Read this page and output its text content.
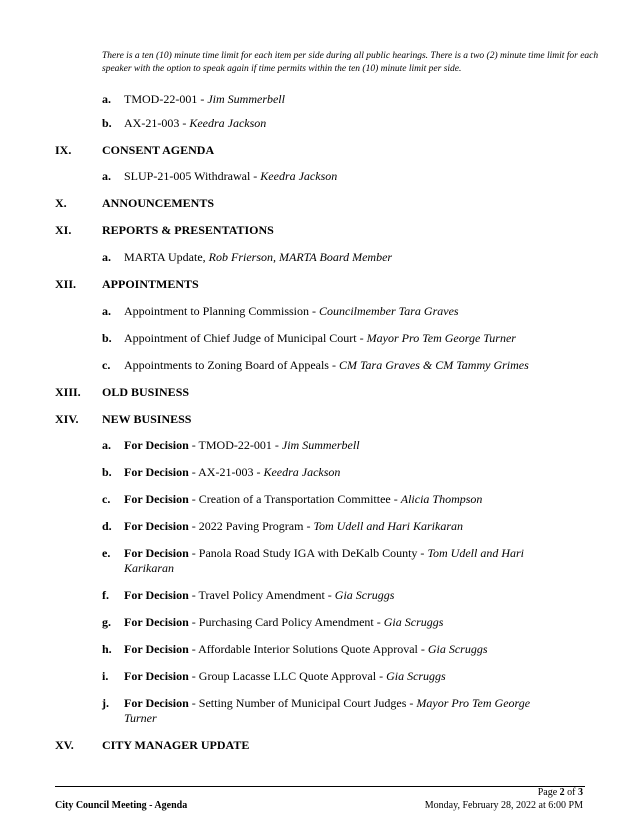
There is a ten (10) minute time limit for each item per side during all public hearings. There is a two (2) minute time limit for each speaker with the option to speak again if time permits within the ten (10) minute limit per side.
a. TMOD-22-001 - Jim Summerbell
b. AX-21-003 - Keedra Jackson
IX.	CONSENT AGENDA
a. SLUP-21-005 Withdrawal - Keedra Jackson
X.	ANNOUNCEMENTS
XI.	REPORTS & PRESENTATIONS
a. MARTA Update, Rob Frierson, MARTA Board Member
XII. APPOINTMENTS
a. Appointment to Planning Commission - Councilmember Tara Graves
b. Appointment of Chief Judge of Municipal Court - Mayor Pro Tem George Turner
c. Appointments to Zoning Board of Appeals - CM Tara Graves & CM Tammy Grimes
XIII. OLD BUSINESS
XIV. NEW BUSINESS
a. For Decision - TMOD-22-001 - Jim Summerbell
b. For Decision - AX-21-003 - Keedra Jackson
c. For Decision - Creation of a Transportation Committee - Alicia Thompson
d. For Decision - 2022 Paving Program - Tom Udell and Hari Karikaran
e. For Decision - Panola Road Study IGA with DeKalb County - Tom Udell and Hari Karikaran
f. For Decision - Travel Policy Amendment - Gia Scruggs
g. For Decision - Purchasing Card Policy Amendment - Gia Scruggs
h. For Decision - Affordable Interior Solutions Quote Approval - Gia Scruggs
i. For Decision - Group Lacasse LLC Quote Approval - Gia Scruggs
j. For Decision - Setting Number of Municipal Court Judges - Mayor Pro Tem George Turner
XV. CITY MANAGER UPDATE
Page 2 of 3
City Council Meeting - Agenda	Monday, February 28, 2022 at 6:00 PM
